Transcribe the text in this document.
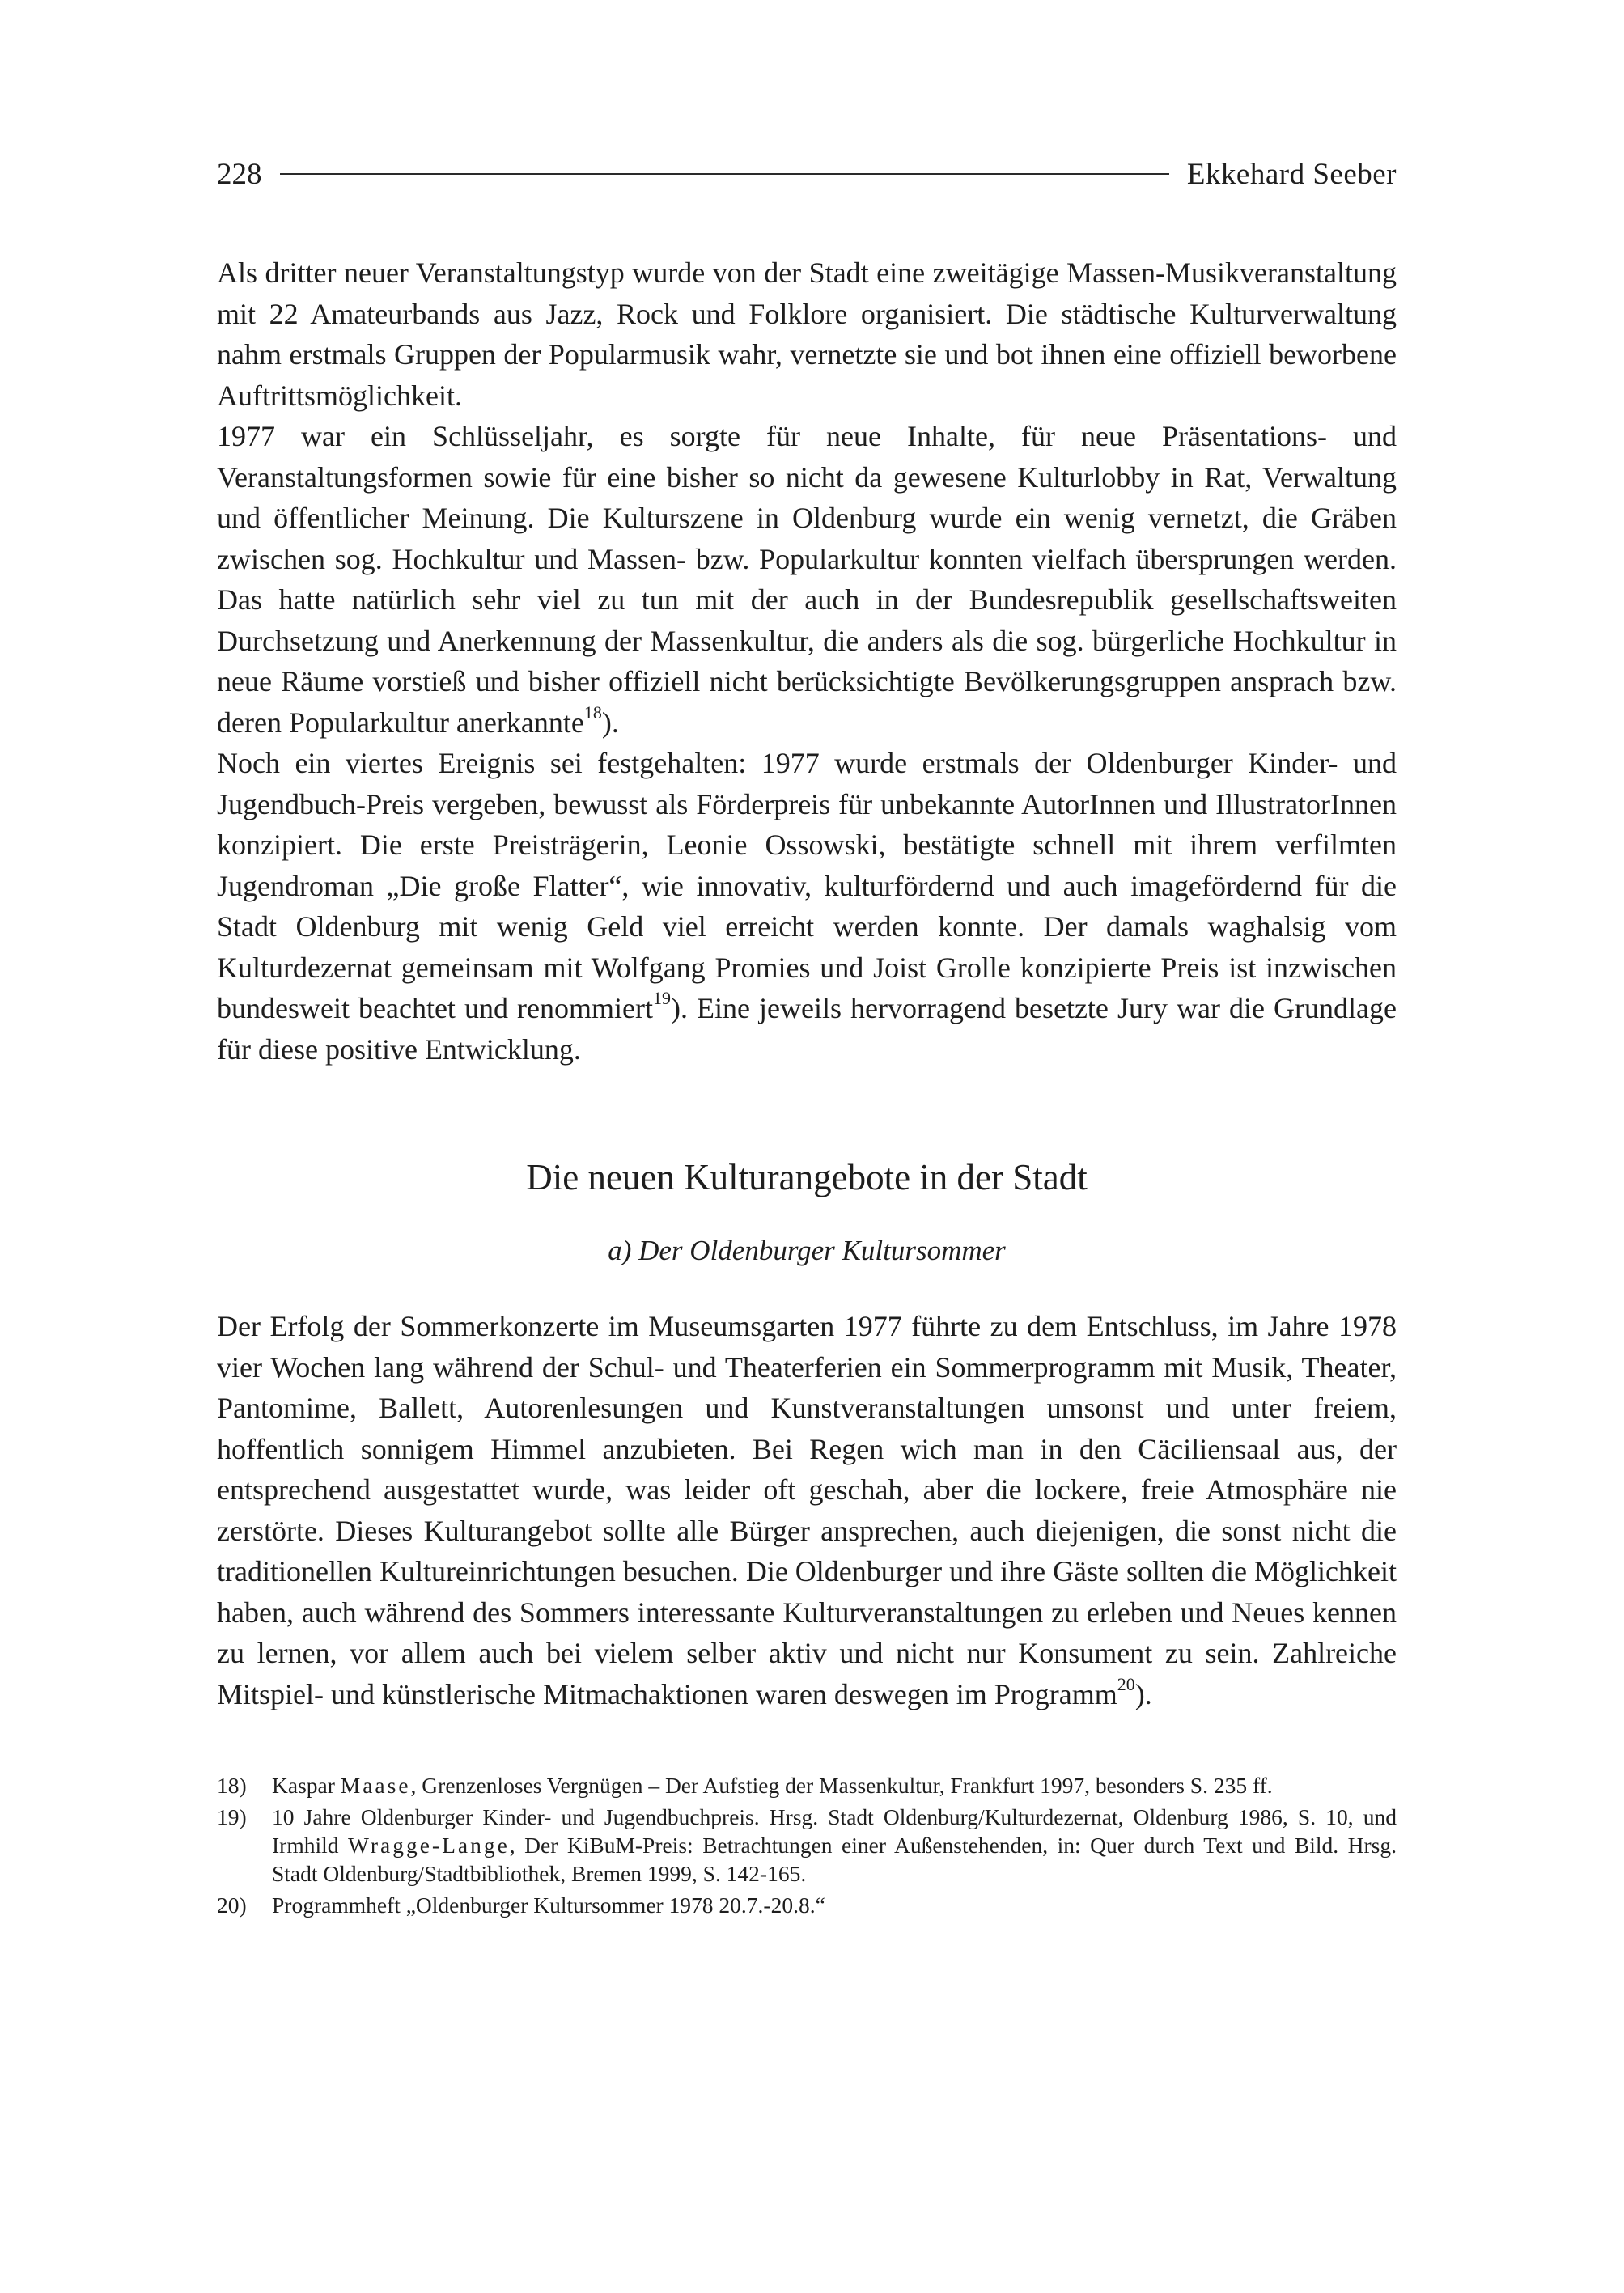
228	Ekkehard Seeber

Als dritter neuer Veranstaltungstyp wurde von der Stadt eine zweitägige Massen-Musikveranstaltung mit 22 Amateurbands aus Jazz, Rock und Folklore organisiert. Die städtische Kulturverwaltung nahm erstmals Gruppen der Popularmusik wahr, vernetzte sie und bot ihnen eine offiziell beworbene Auftrittsmöglichkeit.

1977 war ein Schlüsseljahr, es sorgte für neue Inhalte, für neue Präsentations- und Veranstaltungsformen sowie für eine bisher so nicht da gewesene Kulturlobby in Rat, Verwaltung und öffentlicher Meinung. Die Kulturszene in Oldenburg wurde ein wenig vernetzt, die Gräben zwischen sog. Hochkultur und Massen- bzw. Popularkultur konnten vielfach übersprungen werden. Das hatte natürlich sehr viel zu tun mit der auch in der Bundesrepublik gesellschaftsweiten Durchsetzung und Anerkennung der Massenkultur, die anders als die sog. bürgerliche Hochkultur in neue Räume vorstieß und bisher offiziell nicht berücksichtigte Bevölkerungsgruppen ansprach bzw. deren Popularkultur anerkannte$^{18}$).

Noch ein viertes Ereignis sei festgehalten: 1977 wurde erstmals der Oldenburger Kinder- und Jugendbuch-Preis vergeben, bewusst als Förderpreis für unbekannte AutorInnen und IllustratorInnen konzipiert. Die erste Preisträgerin, Leonie Ossowski, bestätigte schnell mit ihrem verfilmten Jugendroman „Die große Flatter“, wie innovativ, kulturfördernd und auch imagefördernd für die Stadt Oldenburg mit wenig Geld viel erreicht werden konnte. Der damals waghalsig vom Kulturdezernat gemeinsam mit Wolfgang Promies und Joist Grolle konzipierte Preis ist inzwischen bundesweit beachtet und renommiert$^{19}$). Eine jeweils hervorragend besetzte Jury war die Grundlage für diese positive Entwicklung.

Die neuen Kulturangebote in der Stadt
a) Der Oldenburger Kultursommer

Der Erfolg der Sommerkonzerte im Museumsgarten 1977 führte zu dem Entschluss, im Jahre 1978 vier Wochen lang während der Schul- und Theaterferien ein Sommerprogramm mit Musik, Theater, Pantomime, Ballett, Autorenlesungen und Kunstveranstaltungen umsonst und unter freiem, hoffentlich sonnigem Himmel anzubieten. Bei Regen wich man in den Cäciliensaal aus, der entsprechend ausgestattet wurde, was leider oft geschah, aber die lockere, freie Atmosphäre nie zerstörte. Dieses Kulturangebot sollte alle Bürger ansprechen, auch diejenigen, die sonst nicht die traditionellen Kultureinrichtungen besuchen. Die Oldenburger und ihre Gäste sollten die Möglichkeit haben, auch während des Sommers interessante Kulturveranstaltungen zu erleben und Neues kennen zu lernen, vor allem auch bei vielem selber aktiv und nicht nur Konsument zu sein. Zahlreiche Mitspiel- und künstlerische Mitmachaktionen waren deswegen im Programm$^{20}$).

18)	Kaspar Maase, Grenzenloses Vergnügen – Der Aufstieg der Massenkultur, Frankfurt 1997, besonders S. 235 ff.
19)	10 Jahre Oldenburger Kinder- und Jugendbuchpreis. Hrsg. Stadt Oldenburg/Kulturdezernat, Oldenburg 1986, S. 10, und Irmhild Wragge-Lange, Der KiBuM-Preis: Betrachtungen einer Außenstehenden, in: Quer durch Text und Bild. Hrsg. Stadt Oldenburg/Stadtbibliothek, Bremen 1999, S. 142-165.
20)	Programmheft „Oldenburger Kultursommer 1978 20.7.-20.8.“
